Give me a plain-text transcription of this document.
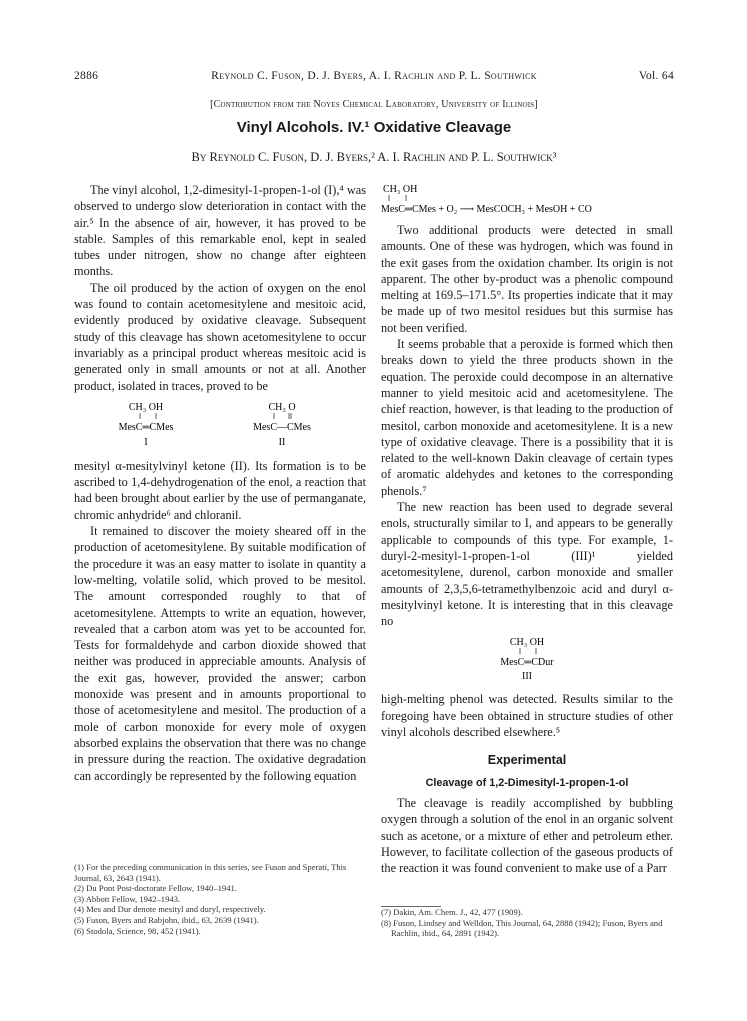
2886	Reynold C. Fuson, D. J. Byers, A. I. Rachlin and P. L. Southwick	Vol. 64
[Contribution from the Noyes Chemical Laboratory, University of Illinois]
Vinyl Alcohols. IV.¹ Oxidative Cleavage
By Reynold C. Fuson, D. J. Byers,² A. I. Rachlin and P. L. Southwick³

The vinyl alcohol, 1,2-dimesityl-1-propen-1-ol (I),⁴ was observed to undergo slow deterioration in contact with the air.⁵ In the absence of air, however, it has proved to be stable. Samples of this remarkable enol, kept in sealed tubes under nitrogen, show no change after eighteen months.

The oil produced by the action of oxygen on the enol was found to contain acetomesitylene and mesitoic acid, evidently produced by oxidative cleavage. Subsequent study of this cleavage has shown acetomesitylene to occur invariably as a principal product whereas mesitoic acid is generated only in small amounts or not at all. Another product, isolated in traces, proved to be

CH₃ OH
MesC═CMes
I
CH₃ O
MesC—CMes
II

mesityl α-mesitylvinyl ketone (II). Its formation is to be ascribed to 1,4-dehydrogenation of the enol, a reaction that had been brought about earlier by the use of permanganate, chromic anhydride⁶ and chloranil.

It remained to discover the moiety sheared off in the production of acetomesitylene. By suitable modification of the procedure it was an easy matter to isolate in quantity a low-melting, volatile solid, which proved to be mesitol. The amount corresponded roughly to that of acetomesitylene. Attempts to write an equation, however, revealed that a carbon atom was yet to be accounted for. Tests for formaldehyde and carbon dioxide showed that neither was produced in appreciable amounts. Analysis of the exit gas, however, provided the answer; carbon monoxide was present and in amounts proportional to those of acetomesitylene and mesitol. The production of a mole of carbon monoxide for every mole of oxygen absorbed explains the observation that there was no change in pressure during the reaction. The oxidative degradation can accordingly be represented by the following equation

CH₃ OH
MesC═CMes + O₂ ⟶ MesCOCH₃ + MesOH + CO

Two additional products were detected in small amounts. One of these was hydrogen, which was found in the exit gases from the oxidation chamber. Its origin is not apparent. The other by-product was a phenolic compound melting at 169.5–171.5°. Its properties indicate that it may be made up of two mesitol residues but this surmise has not been verified.

It seems probable that a peroxide is formed which then breaks down to yield the three products shown in the equation. The peroxide could decompose in an alternative manner to yield mesitoic acid and acetomesitylene. The chief reaction, however, is that leading to the production of mesitol, carbon monoxide and acetomesitylene. It is a new type of oxidative cleavage. There is a possibility that it is related to the well-known Dakin cleavage of certain types of aromatic aldehydes and ketones to the corresponding phenols.⁷

The new reaction has been used to degrade several enols, structurally similar to I, and appears to be generally applicable to compounds of this type. For example, 1-duryl-2-mesityl-1-propen-1-ol (III)¹ yielded acetomesitylene, durenol, carbon monoxide and smaller amounts of 2,3,5,6-tetramethylbenzoic acid and duryl α-mesitylvinyl ketone. It is interesting that in this cleavage no

CH₃ OH
MesC═CDur
III

high-melting phenol was detected. Results similar to the foregoing have been obtained in structure studies of other vinyl alcohols described elsewhere.⁵

Experimental
Cleavage of 1,2-Dimesityl-1-propen-1-ol

The cleavage is readily accomplished by bubbling oxygen through a solution of the enol in an organic solvent such as acetone, or a mixture of ether and petroleum ether. However, to facilitate collection of the gaseous products of the reaction it was found convenient to make use of a Parr

(1) For the preceding communication in this series, see Fuson and Sperati, This Journal, 63, 2643 (1941).
(2) Du Pont Post-doctorate Fellow, 1940–1941.
(3) Abbott Fellow, 1942–1943.
(4) Mes and Dur denote mesityl and duryl, respectively.
(5) Fuson, Byers and Rabjohn, ibid., 63, 2639 (1941).
(6) Stodola, Science, 98, 452 (1941).
(7) Dakin, Am. Chem. J., 42, 477 (1909).
(8) Fuson, Lindsey and Welldon, This Journal, 64, 2888 (1942); Fuson, Byers and Rachlin, ibid., 64, 2891 (1942).
